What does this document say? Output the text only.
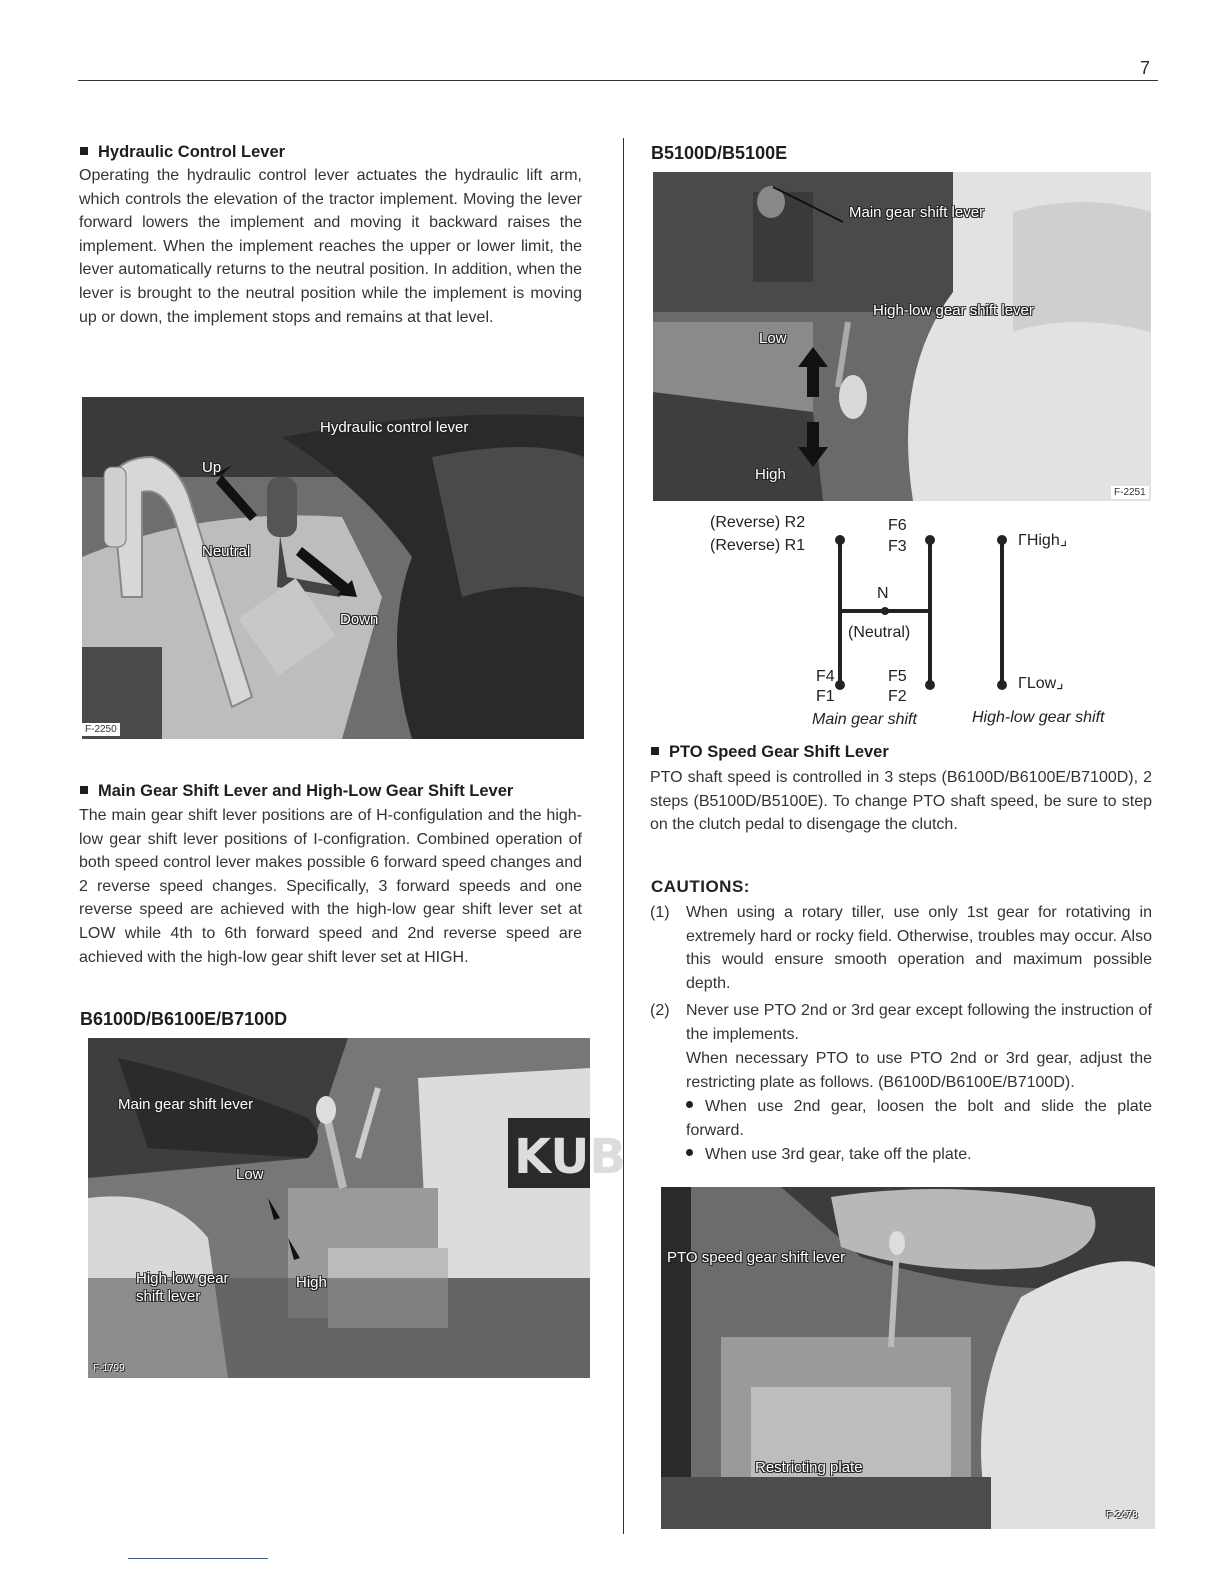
7
Hydraulic Control Lever
Operating the hydraulic control lever actuates the hydraulic lift arm, which controls the elevation of the tractor implement. Moving the lever forward lowers the implement and moving it backward raises the implement. When the implement reaches the upper or lower limit, the lever automatically returns to the neutral position. In addition, when the lever is brought to the neutral position while the implement is moving up or down, the implement stops and remains at that level.
Hydraulic control lever
Up
Neutral
Down
F-2250
Main Gear Shift Lever and High-Low Gear Shift Lever
The main gear shift lever positions are of H-configulation and the high-low gear shift lever positions of I-configration. Combined operation of both speed control lever makes possible 6 forward speed changes and 2 reverse speed changes. Specifically, 3 forward speeds and one reverse speed are achieved with the high-low gear shift lever set at LOW while 4th to 6th forward speed and 2nd reverse speed are achieved with the high-low gear shift lever set at HIGH.
B6100D/B6100E/B7100D
KUB
Main gear shift lever
Low
High-low gear
shift lever
High
F-1799
B5100D/B5100E
Main gear shift lever
High-low gear shift lever
Low
High
F-2251
(Reverse) R2
(Reverse) R1
F6
F3
N
(Neutral)
F4
F1
F5
F2
ΓHigh⌟
ΓLow⌟
Main gear shift	High-low gear shift
PTO Speed Gear Shift Lever
PTO shaft speed is controlled in 3 steps (B6100D/B6100E/B7100D), 2 steps (B5100D/B5100E). To change PTO shaft speed, be sure to step on the clutch pedal to disengage the clutch.
CAUTIONS:
(1) When using a rotary tiller, use only 1st gear for rotativing in extremely hard or rocky field. Otherwise, troubles may occur. Also this would ensure smooth operation and maximum possible depth.
(2) Never use PTO 2nd or 3rd gear except following the instruction of the implements.
When necessary PTO to use PTO 2nd or 3rd gear, adjust the restricting plate as follows. (B6100D/B6100E/B7100D).
When use 2nd gear, loosen the bolt and slide the plate forward.
When use 3rd gear, take off the plate.
PTO speed gear shift lever
Restricting plate
F-2478
